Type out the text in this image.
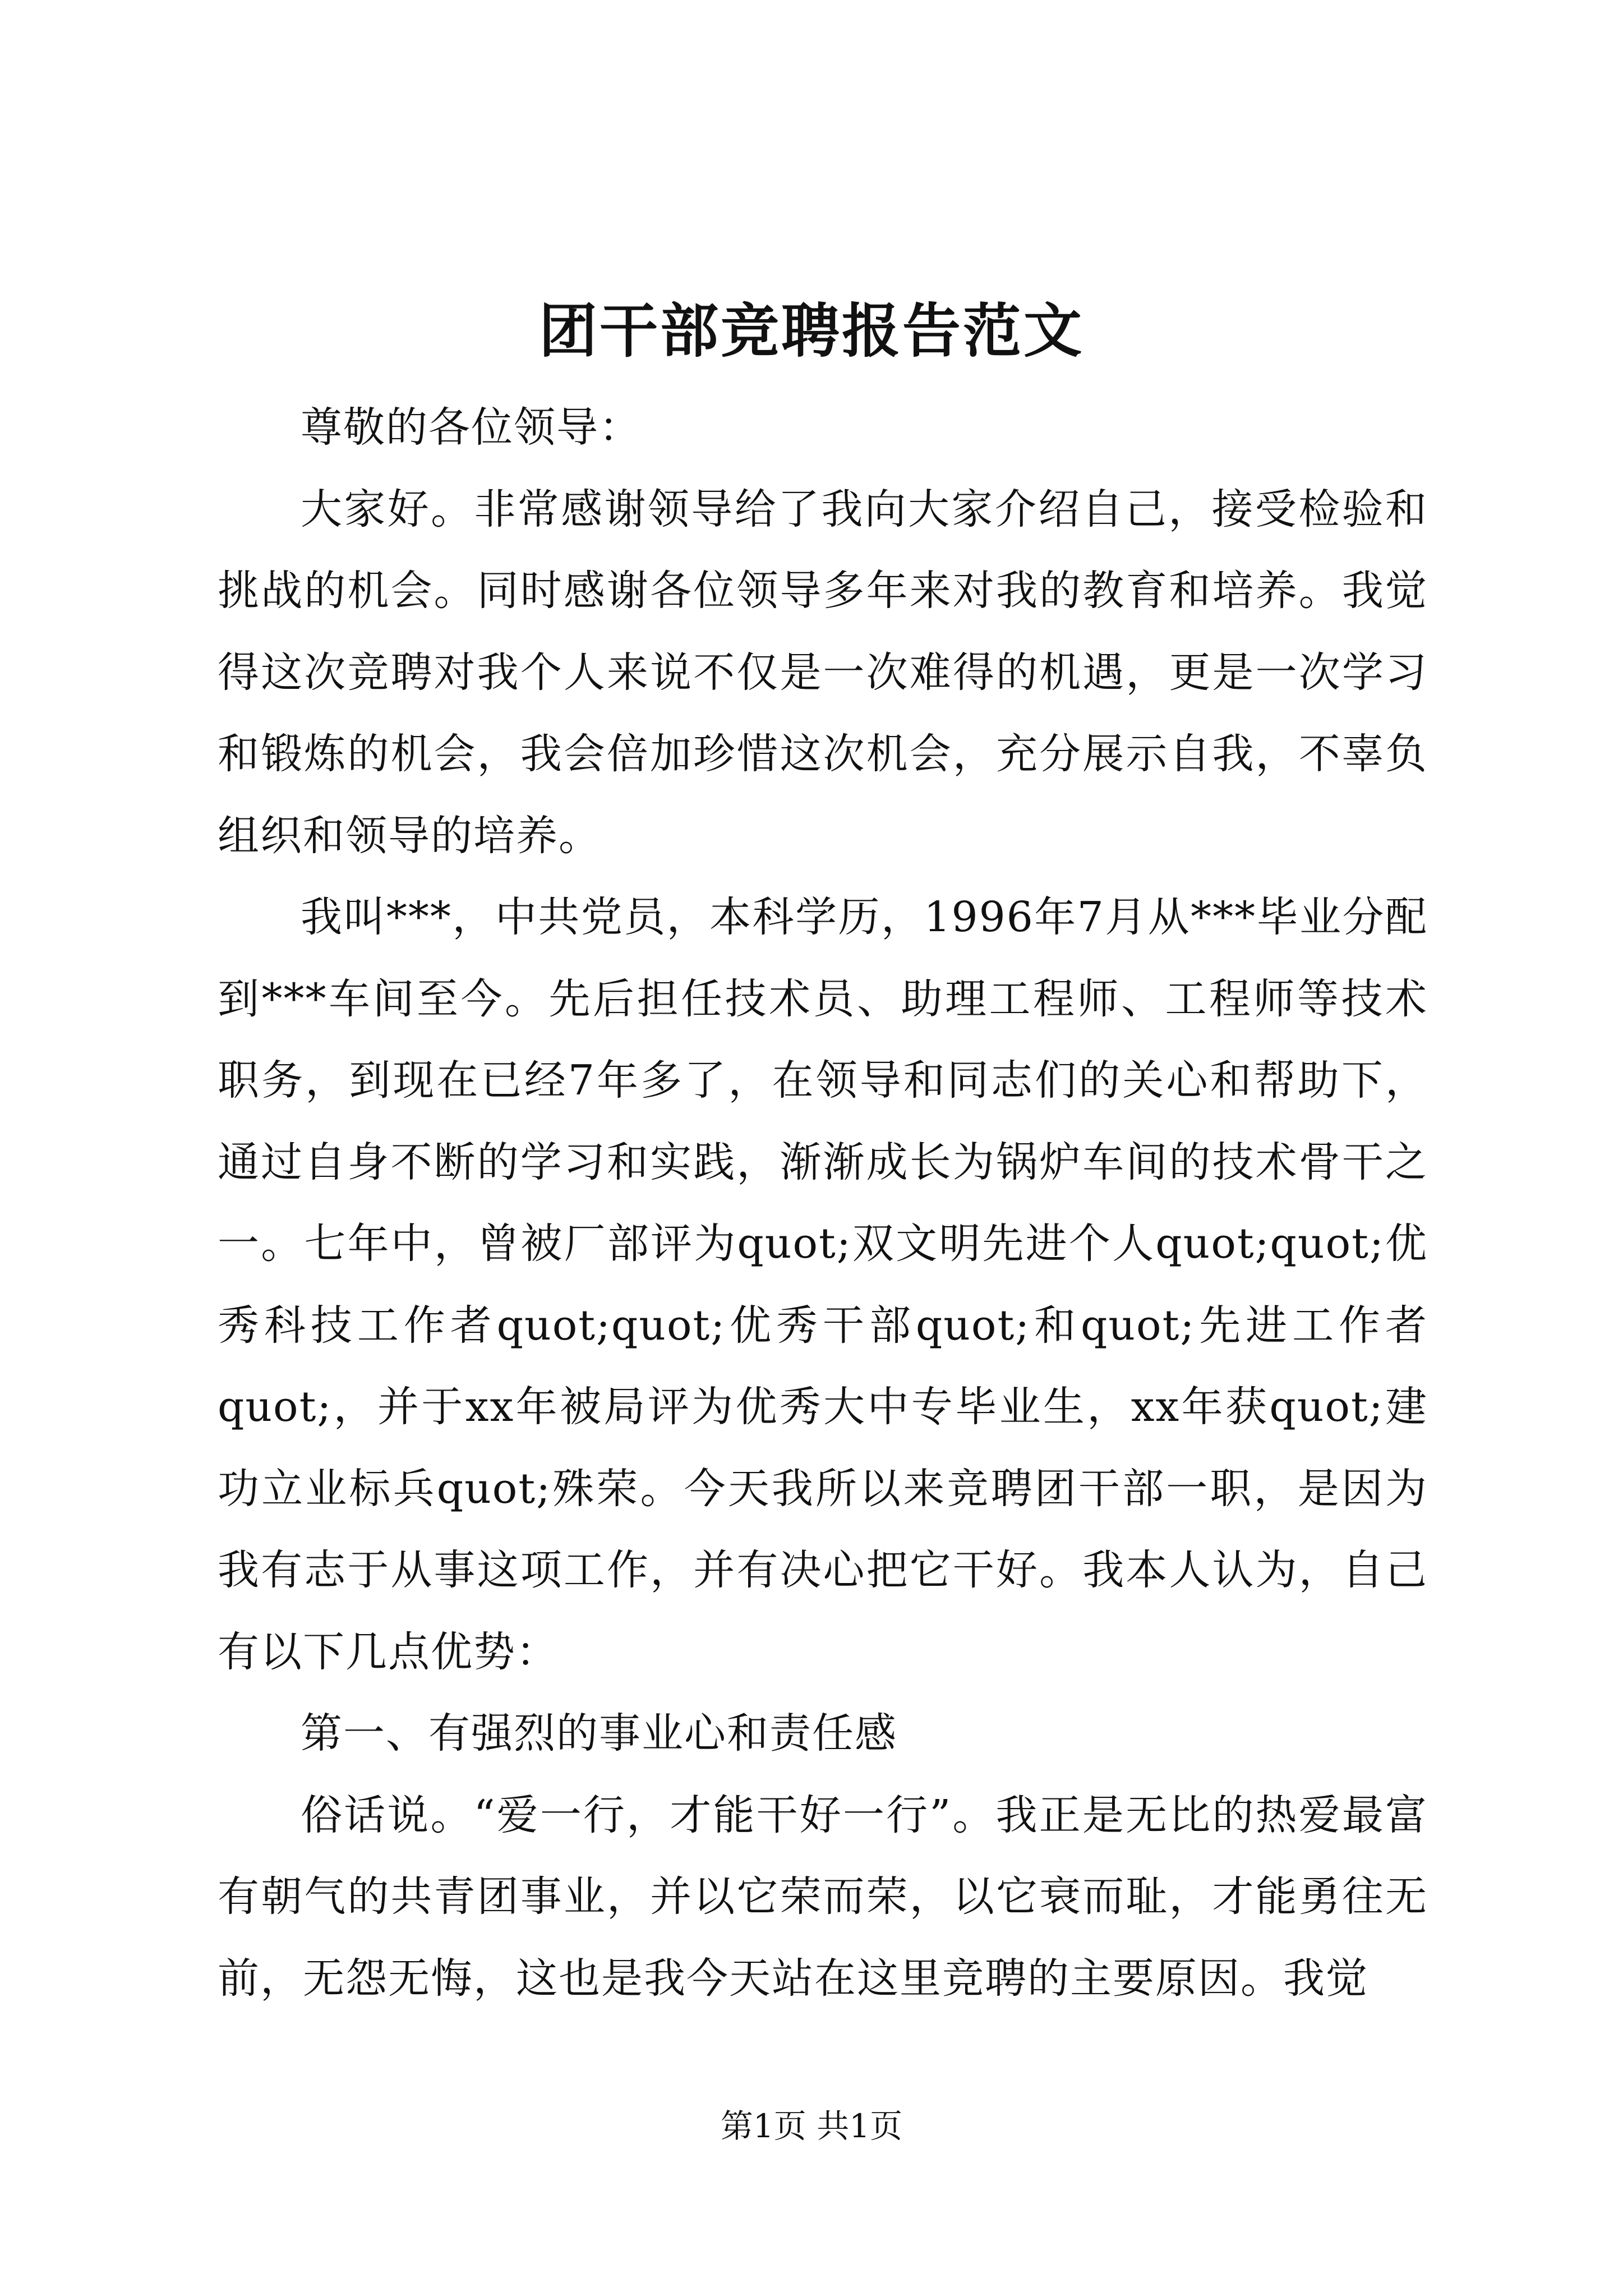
团干部竞聘报告范文

尊敬的各位领导：

大家好。非常感谢领导给了我向大家介绍自己，接受检验和挑战的机会。同时感谢各位领导多年来对我的教育和培养。我觉得这次竞聘对我个人来说不仅是一次难得的机遇，更是一次学习和锻炼的机会，我会倍加珍惜这次机会，充分展示自我，不辜负组织和领导的培养。

我叫***，中共党员，本科学历，1996年7月从***毕业分配到***车间至今。先后担任技术员、助理工程师、工程师等技术职务，到现在已经7年多了，在领导和同志们的关心和帮助下，通过自身不断的学习和实践，渐渐成长为锅炉车间的技术骨干之一。七年中，曾被厂部评为quot;双文明先进个人quot;quot;优秀科技工作者quot;quot;优秀干部quot;和quot;先进工作者quot;，并于xx年被局评为优秀大中专毕业生，xx年获quot;建功立业标兵quot;殊荣。今天我所以来竞聘团干部一职，是因为我有志于从事这项工作，并有决心把它干好。我本人认为，自己有以下几点优势：

第一、有强烈的事业心和责任感

俗话说。“爱一行，才能干好一行”。我正是无比的热爱最富有朝气的共青团事业，并以它荣而荣，以它衰而耻，才能勇往无前，无怨无悔，这也是我今天站在这里竞聘的主要原因。我觉

第1页 共1页
